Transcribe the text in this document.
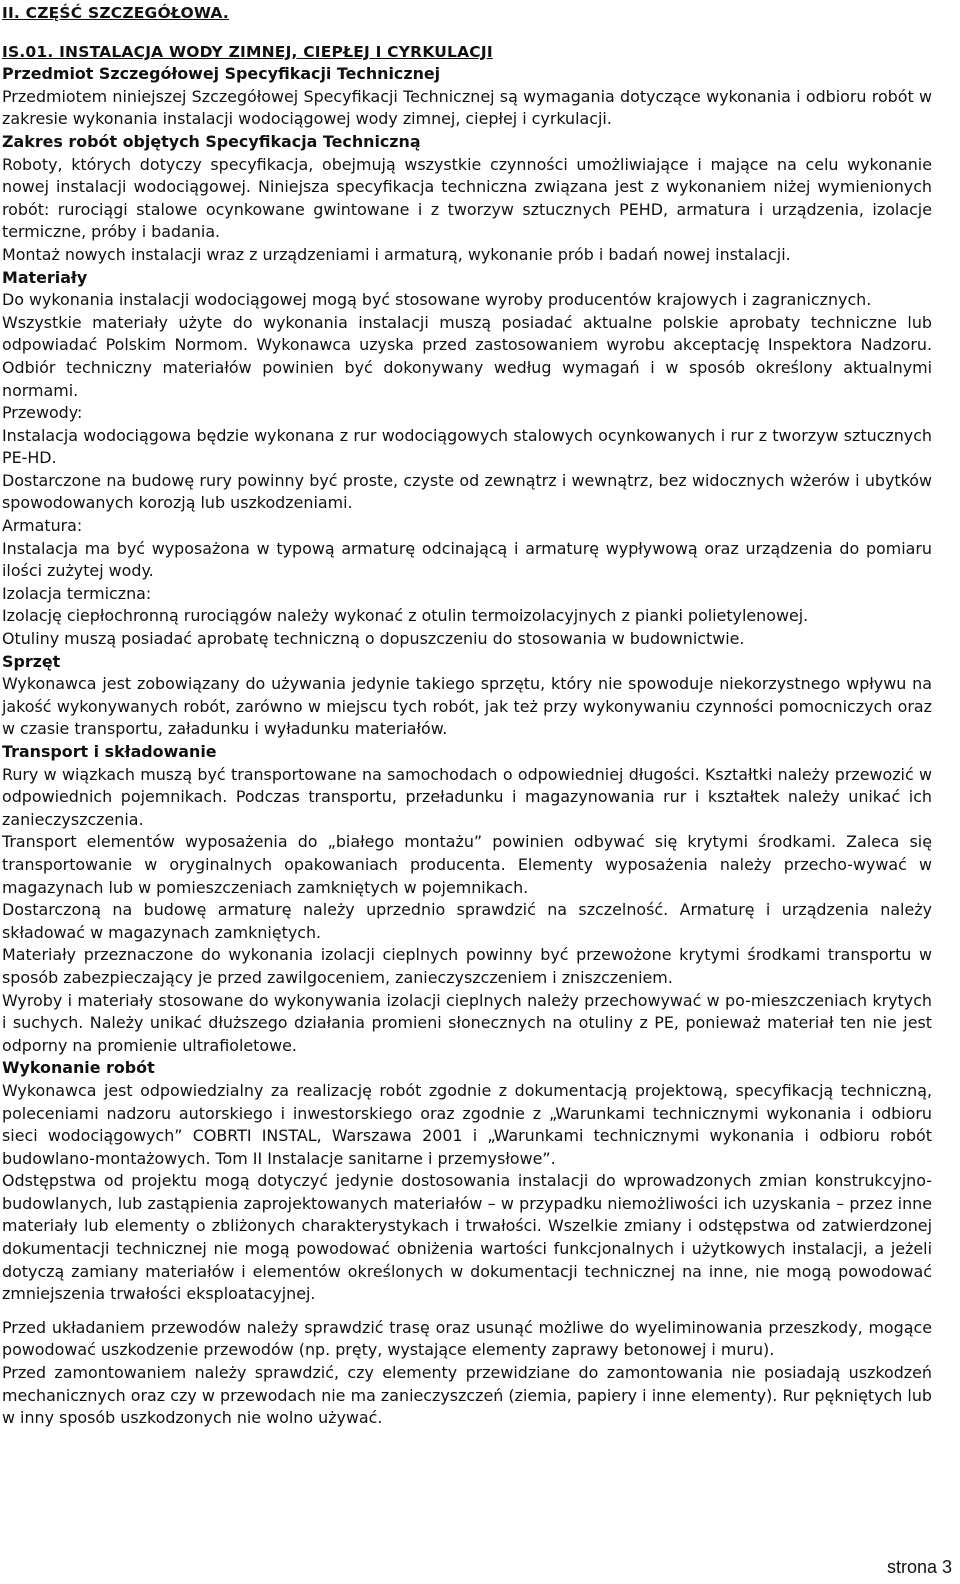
II. CZĘŚĆ SZCZEGÓŁOWA.

IS.01. INSTALACJA WODY ZIMNEJ, CIEPŁEJ I CYRKULACJI

Przedmiot Szczegółowej Specyfikacji Technicznej

Przedmiotem niniejszej Szczegółowej Specyfikacji Technicznej są wymagania dotyczące wykonania i odbioru robót w zakresie wykonania instalacji wodociągowej wody zimnej, ciepłej i cyrkulacji.

Zakres robót objętych Specyfikacja Techniczną

Roboty, których dotyczy specyfikacja, obejmują wszystkie czynności umożliwiające i mające na celu wykonanie nowej instalacji wodociągowej. Niniejsza specyfikacja techniczna związana jest z wykonaniem niżej wymienionych robót: rurociągi stalowe ocynkowane gwintowane i z tworzyw sztucznych PEHD, armatura i urządzenia, izolacje termiczne, próby i badania.

Montaż nowych instalacji wraz z urządzeniami i armaturą, wykonanie prób i badań nowej instalacji.

Materiały

Do wykonania instalacji wodociągowej mogą być stosowane wyroby producentów krajowych i zagranicznych.

Wszystkie materiały użyte do wykonania instalacji muszą posiadać aktualne polskie aprobaty techniczne lub odpowiadać Polskim Normom. Wykonawca uzyska przed zastosowaniem wyrobu akceptację Inspektora Nadzoru. Odbiór techniczny materiałów powinien być dokonywany według wymagań i w sposób określony aktualnymi normami.

Przewody:

Instalacja wodociągowa będzie wykonana z rur wodociągowych stalowych ocynkowanych i rur z tworzyw sztucznych PE-HD.

Dostarczone na budowę rury powinny być proste, czyste od zewnątrz i wewnątrz, bez widocznych wżerów i ubytków spowodowanych korozją lub uszkodzeniami.

Armatura:

Instalacja ma być wyposażona w typową armaturę odcinającą i armaturę wypływową oraz urządzenia do pomiaru ilości zużytej wody.

Izolacja termiczna:

Izolację ciepłochronną rurociągów należy wykonać z otulin termoizolacyjnych z pianki polietylenowej.

Otuliny muszą posiadać aprobatę techniczną o dopuszczeniu do stosowania w budownictwie.

Sprzęt

Wykonawca jest zobowiązany do używania jedynie takiego sprzętu, który nie spowoduje niekorzystnego wpływu na jakość wykonywanych robót, zarówno w miejscu tych robót, jak też przy wykonywaniu czynności pomocniczych oraz w czasie transportu, załadunku i wyładunku materiałów.

Transport i składowanie

Rury w wiązkach muszą być transportowane na samochodach o odpowiedniej długości. Kształtki należy przewozić w odpowiednich pojemnikach. Podczas transportu, przeładunku i magazynowania rur i kształtek należy unikać ich zanieczyszczenia.

Transport elementów wyposażenia do „białego montażu” powinien odbywać się krytymi środkami. Zaleca się transportowanie w oryginalnych opakowaniach producenta. Elementy wyposażenia należy przecho-wywać w magazynach lub w pomieszczeniach zamkniętych w pojemnikach.

Dostarczoną na budowę armaturę należy uprzednio sprawdzić na szczelność. Armaturę i urządzenia należy składować w magazynach zamkniętych.

Materiały przeznaczone do wykonania izolacji cieplnych powinny być przewożone krytymi środkami transportu w sposób zabezpieczający je przed zawilgoceniem, zanieczyszczeniem i zniszczeniem.

Wyroby i materiały stosowane do wykonywania izolacji cieplnych należy przechowywać w po-mieszczeniach krytych i suchych. Należy unikać dłuższego działania promieni słonecznych na otuliny z PE, ponieważ materiał ten nie jest odporny na promienie ultrafioletowe.

Wykonanie robót

Wykonawca jest odpowiedzialny za realizację robót zgodnie z dokumentacją projektową, specyfikacją techniczną, poleceniami nadzoru autorskiego i inwestorskiego oraz zgodnie z „Warunkami technicznymi wykonania i odbioru sieci wodociągowych” COBRTI INSTAL, Warszawa 2001 i „Warunkami technicznymi wykonania i odbioru robót budowlano-montażowych. Tom II Instalacje sanitarne i przemysłowe”.

Odstępstwa od projektu mogą dotyczyć jedynie dostosowania instalacji do wprowadzonych zmian konstrukcyjno-budowlanych, lub zastąpienia zaprojektowanych materiałów – w przypadku niemożliwości ich uzyskania – przez inne materiały lub elementy o zbliżonych charakterystykach i trwałości. Wszelkie zmiany i odstępstwa od zatwierdzonej dokumentacji technicznej nie mogą powodować obniżenia wartości funkcjonalnych i użytkowych instalacji, a jeżeli dotyczą zamiany materiałów i elementów określonych w dokumentacji technicznej na inne, nie mogą powodować zmniejszenia trwałości eksploatacyjnej.

Przed układaniem przewodów należy sprawdzić trasę oraz usunąć możliwe do wyeliminowania przeszkody, mogące powodować uszkodzenie przewodów (np. pręty, wystające elementy zaprawy betonowej i muru).

Przed zamontowaniem należy sprawdzić, czy elementy przewidziane do zamontowania nie posiadają uszkodzeń mechanicznych oraz czy w przewodach nie ma zanieczyszczeń (ziemia, papiery i inne elementy). Rur pękniętych lub w inny sposób uszkodzonych nie wolno używać.

strona 3
